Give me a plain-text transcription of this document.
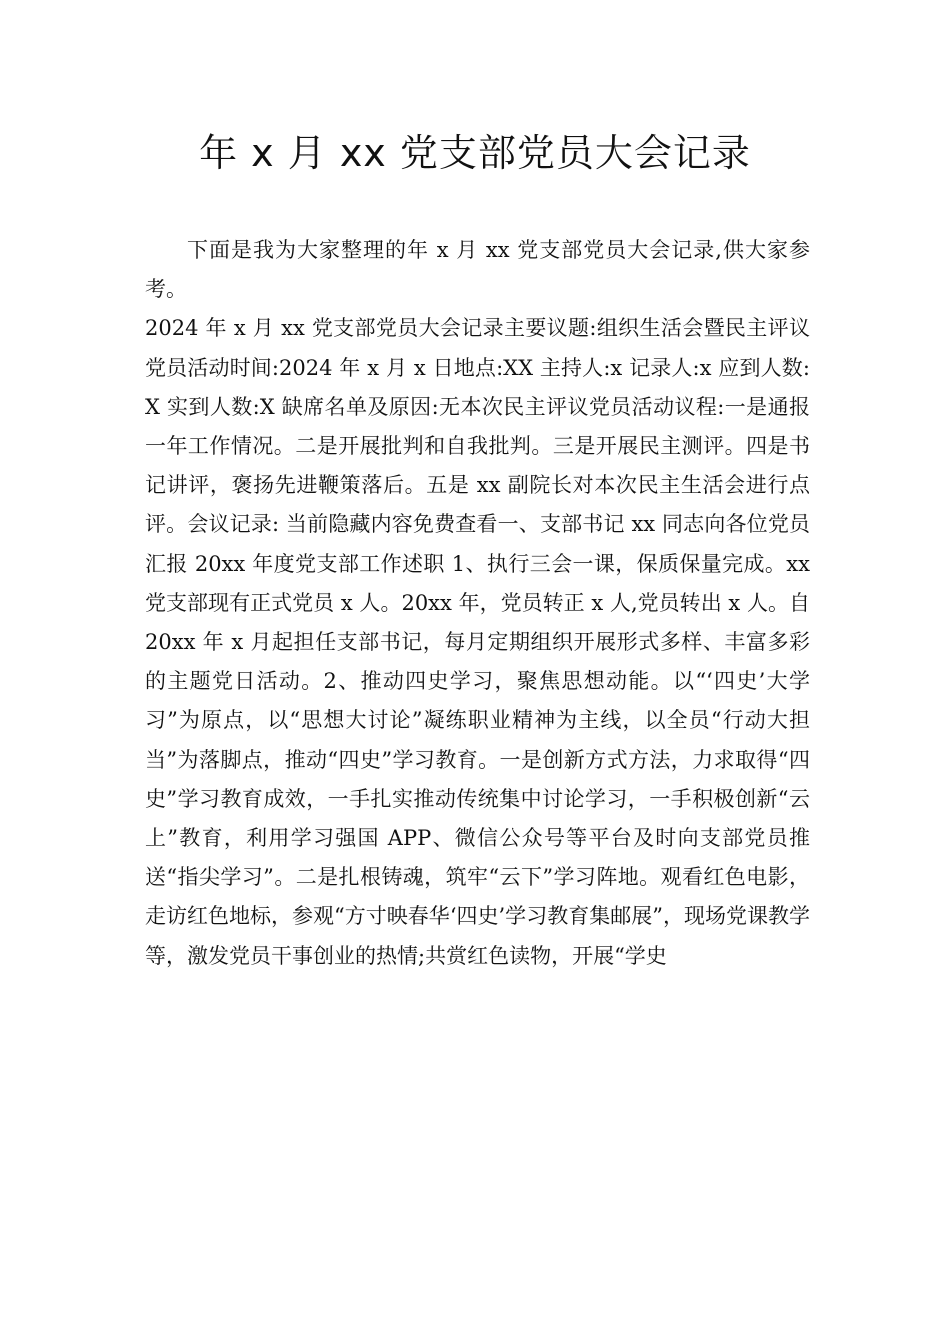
年 x 月 xx 党支部党员大会记录

下面是我为大家整理的年 x 月 xx 党支部党员大会记录,供大家参考。

2024 年 x 月 xx 党支部党员大会记录主要议题:组织生活会暨民主评议党员活动时间:2024 年 x 月 x 日地点:XX 主持人:x 记录人:x 应到人数:X 实到人数:X 缺席名单及原因:无本次民主评议党员活动议程:一是通报一年工作情况。二是开展批判和自我批判。三是开展民主测评。四是书记讲评，褒扬先进鞭策落后。五是 xx 副院长对本次民主生活会进行点评。会议记录: 当前隐藏内容免费查看一、支部书记 xx 同志向各位党员汇报 20xx 年度党支部工作述职 1、执行三会一课，保质保量完成。xx 党支部现有正式党员 x 人。20xx 年，党员转正 x 人,党员转出 x 人。自 20xx 年 x 月起担任支部书记，每月定期组织开展形式多样、丰富多彩的主题党日活动。2、推动四史学习，聚焦思想动能。以“‘四史’大学习”为原点，以“思想大讨论”凝练职业精神为主线，以全员“行动大担当”为落脚点，推动“四史”学习教育。一是创新方式方法，力求取得“四史”学习教育成效，一手扎实推动传统集中讨论学习，一手积极创新“云上”教育，利用学习强国 APP、微信公众号等平台及时向支部党员推送“指尖学习”。二是扎根铸魂，筑牢“云下”学习阵地。观看红色电影，走访红色地标，参观“方寸映春华‘四史’学习教育集邮展”，现场党课教学等，激发党员干事创业的热情;共赏红色读物，开展“学史
